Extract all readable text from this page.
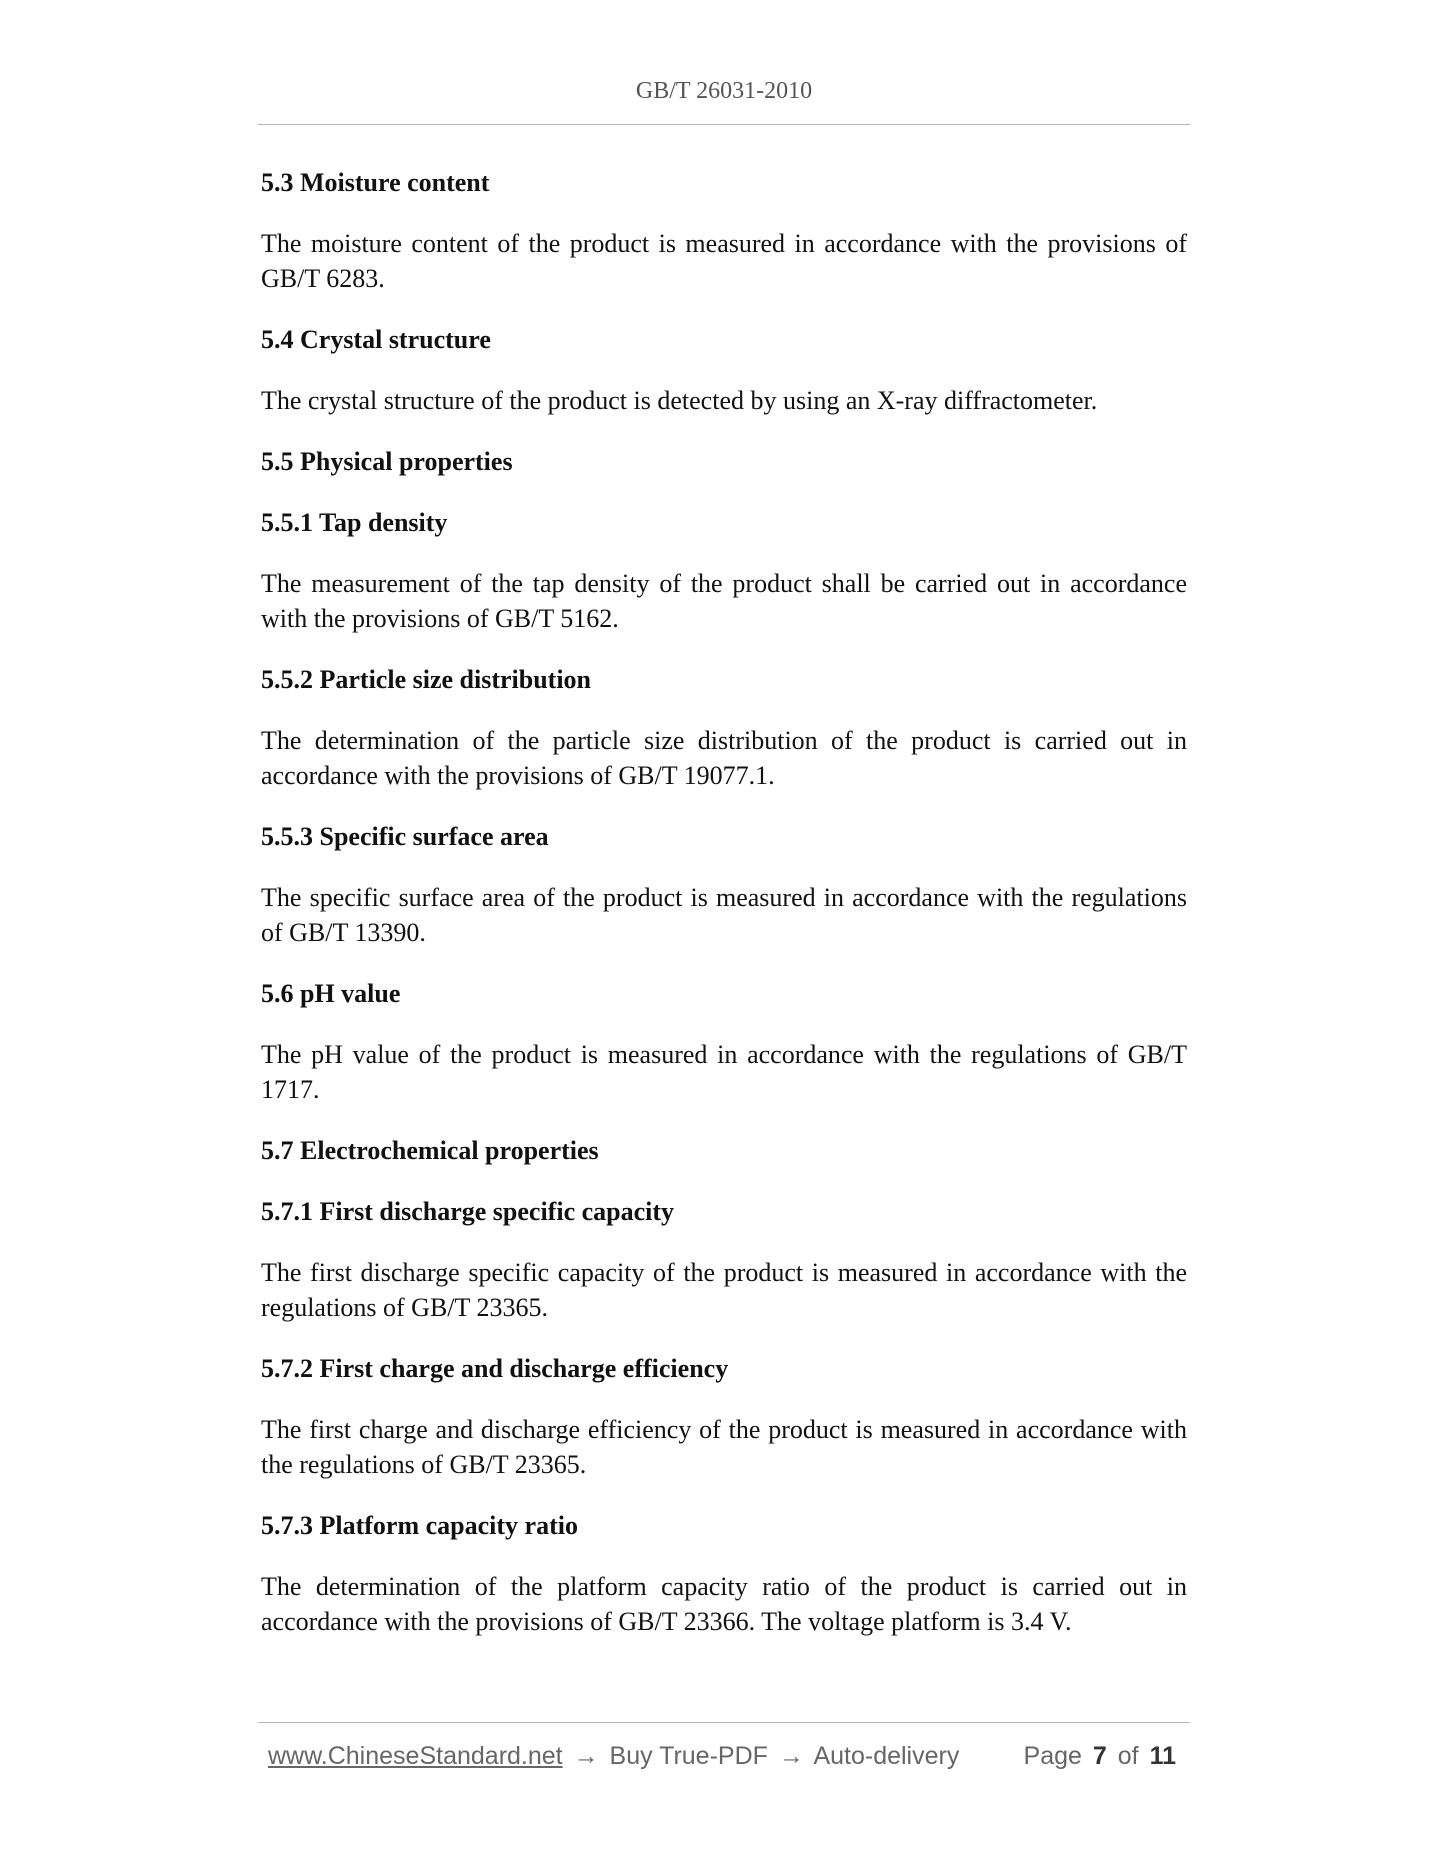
GB/T 26031-2010

5.3 Moisture content

The moisture content of the product is measured in accordance with the provisions of GB/T 6283.

5.4 Crystal structure

The crystal structure of the product is detected by using an X-ray diffractometer.

5.5 Physical properties

5.5.1 Tap density

The measurement of the tap density of the product shall be carried out in accordance with the provisions of GB/T 5162.

5.5.2 Particle size distribution

The determination of the particle size distribution of the product is carried out in accordance with the provisions of GB/T 19077.1.

5.5.3 Specific surface area

The specific surface area of the product is measured in accordance with the regulations of GB/T 13390.

5.6 pH value

The pH value of the product is measured in accordance with the regulations of GB/T 1717.

5.7 Electrochemical properties

5.7.1 First discharge specific capacity

The first discharge specific capacity of the product is measured in accordance with the regulations of GB/T 23365.

5.7.2 First charge and discharge efficiency

The first charge and discharge efficiency of the product is measured in accordance with the regulations of GB/T 23365.

5.7.3 Platform capacity ratio

The determination of the platform capacity ratio of the product is carried out in accordance with the provisions of GB/T 23366. The voltage platform is 3.4 V.

www.ChineseStandard.net → Buy True-PDF → Auto-delivery	Page 7 of 11
